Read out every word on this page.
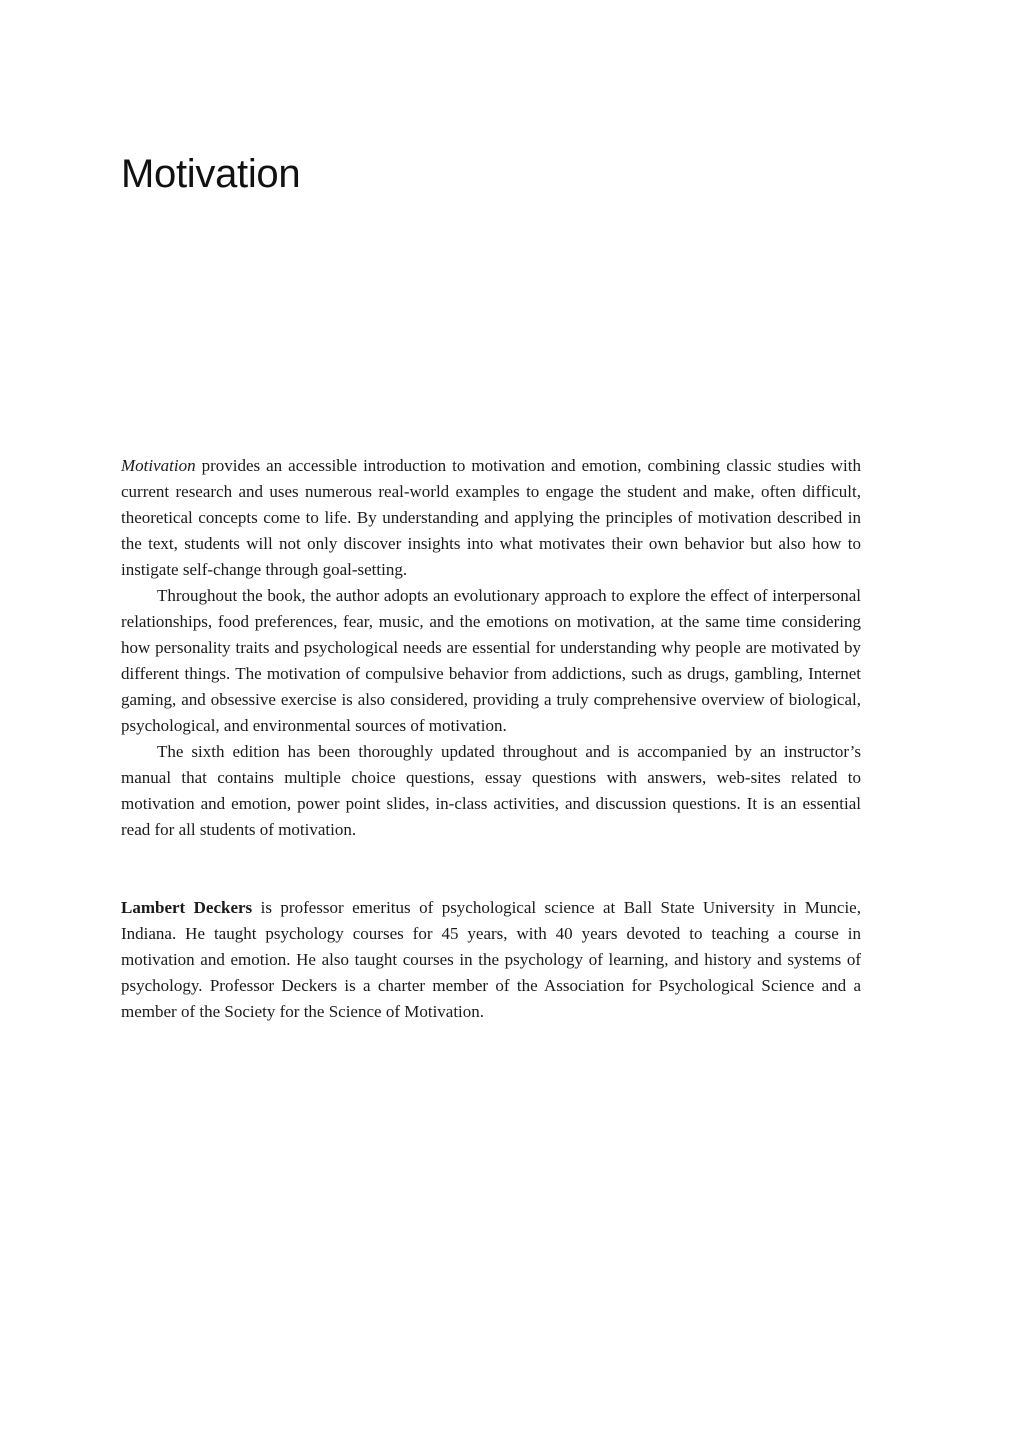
Motivation

Motivation provides an accessible introduction to motivation and emotion, combining classic studies with current research and uses numerous real-world examples to engage the student and make, often difficult, theoretical concepts come to life. By understanding and applying the principles of motivation described in the text, students will not only discover insights into what motivates their own behavior but also how to instigate self-change through goal-setting.

Throughout the book, the author adopts an evolutionary approach to explore the effect of interpersonal relationships, food preferences, fear, music, and the emotions on motivation, at the same time considering how personality traits and psychological needs are essential for understanding why people are motivated by different things. The motivation of compulsive behavior from addictions, such as drugs, gambling, Internet gaming, and obsessive exercise is also considered, providing a truly comprehensive overview of biological, psychological, and environmental sources of motivation.

The sixth edition has been thoroughly updated throughout and is accompanied by an instructor’s manual that contains multiple choice questions, essay questions with answers, web-sites related to motivation and emotion, power point slides, in-class activities, and discussion questions. It is an essential read for all students of motivation.

Lambert Deckers is professor emeritus of psychological science at Ball State University in Muncie, Indiana. He taught psychology courses for 45 years, with 40 years devoted to teaching a course in motivation and emotion. He also taught courses in the psychology of learning, and history and systems of psychology. Professor Deckers is a charter member of the Association for Psychological Science and a member of the Society for the Science of Motivation.
